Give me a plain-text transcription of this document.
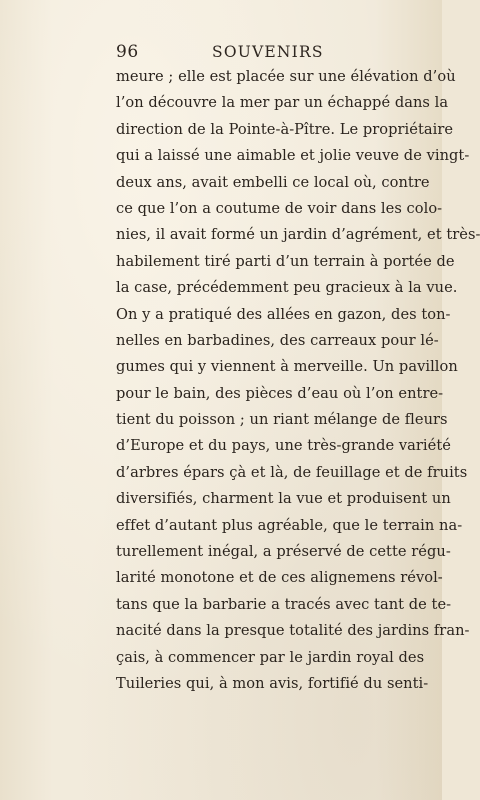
96	SOUVENIRS
meure ; elle est placée sur une élévation d’où
l’on découvre la mer par un échappé dans la
direction de la Pointe-à-Pître. Le propriétaire
qui a laissé une aimable et jolie veuve de vingt-
deux ans, avait embelli ce local où, contre
ce que l’on a coutume de voir dans les colo-
nies, il avait formé un jardin d’agrément, et très-
habilement tiré parti d’un terrain à portée de
la case, précédemment peu gracieux à la vue.
On y a pratiqué des allées en gazon, des ton-
nelles en barbadines, des carreaux pour lé-
gumes qui y viennent à merveille. Un pavillon
pour le bain, des pièces d’eau où l’on entre-
tient du poisson ; un riant mélange de fleurs
d’Europe et du pays, une très-grande variété
d’arbres épars çà et là, de feuillage et de fruits
diversifiés, charment la vue et produisent un
effet d’autant plus agréable, que le terrain na-
turellement inégal, a préservé de cette régu-
larité monotone et de ces alignemens révol-
tans que la barbarie a tracés avec tant de te-
nacité dans la presque totalité des jardins fran-
çais, à commencer par le jardin royal des
Tuileries qui, à mon avis, fortifié du senti-
